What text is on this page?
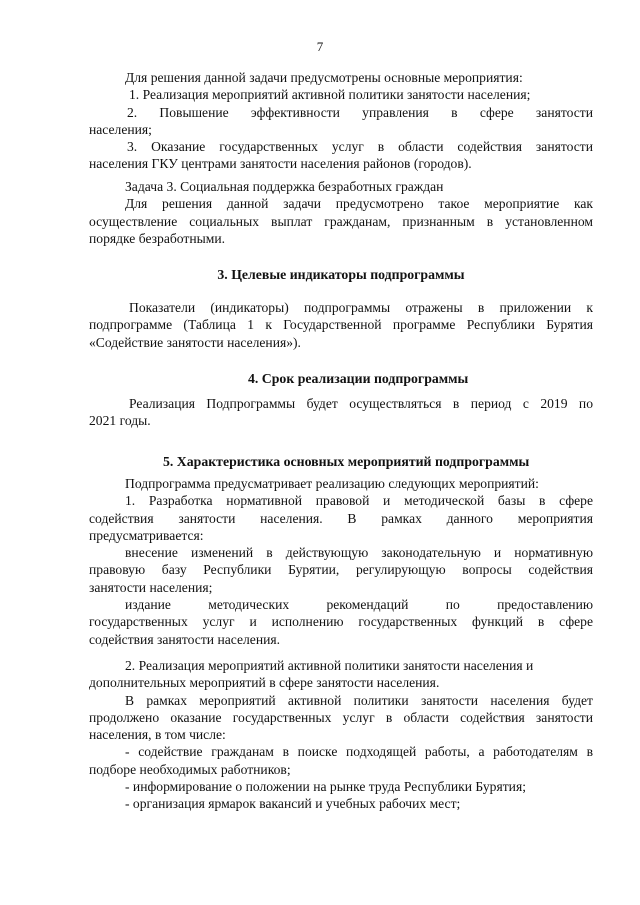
7
Для решения данной задачи предусмотрены основные мероприятия:
1. Реализация мероприятий активной политики занятости населения;
2. Повышение эффективности управления в сфере занятости
населения;
3. Оказание государственных услуг в области содействия занятости
населения ГКУ центрами занятости населения районов (городов).
Задача 3. Социальная поддержка безработных граждан
Для решения данной задачи предусмотрено такое мероприятие как
осуществление социальных выплат гражданам, признанным в установленном
порядке безработными.
3. Целевые индикаторы подпрограммы
Показатели (индикаторы) подпрограммы отражены в приложении к
подпрограмме (Таблица 1 к Государственной программе Республики Бурятия
«Содействие занятости населения»).
4. Срок реализации подпрограммы
Реализация Подпрограммы будет осуществляться в период с 2019 по
2021 годы.
5. Характеристика основных мероприятий подпрограммы
Подпрограмма предусматривает реализацию следующих мероприятий:
1. Разработка нормативной правовой и методической базы в сфере
содействия занятости населения. В рамках данного мероприятия
предусматривается:
внесение изменений в действующую законодательную и нормативную
правовую базу Республики Бурятии, регулирующую вопросы содействия
занятости населения;
издание методических рекомендаций по предоставлению
государственных услуг и исполнению государственных функций в сфере
содействия занятости населения.
2. Реализация мероприятий активной политики занятости населения и
дополнительных мероприятий в сфере занятости населения.
В рамках мероприятий активной политики занятости населения будет
продолжено оказание государственных услуг в области содействия занятости
населения, в том числе:
- содействие гражданам в поиске подходящей работы, а работодателям в
подборе необходимых работников;
- информирование о положении на рынке труда Республики Бурятия;
- организация ярмарок вакансий и учебных рабочих мест;
